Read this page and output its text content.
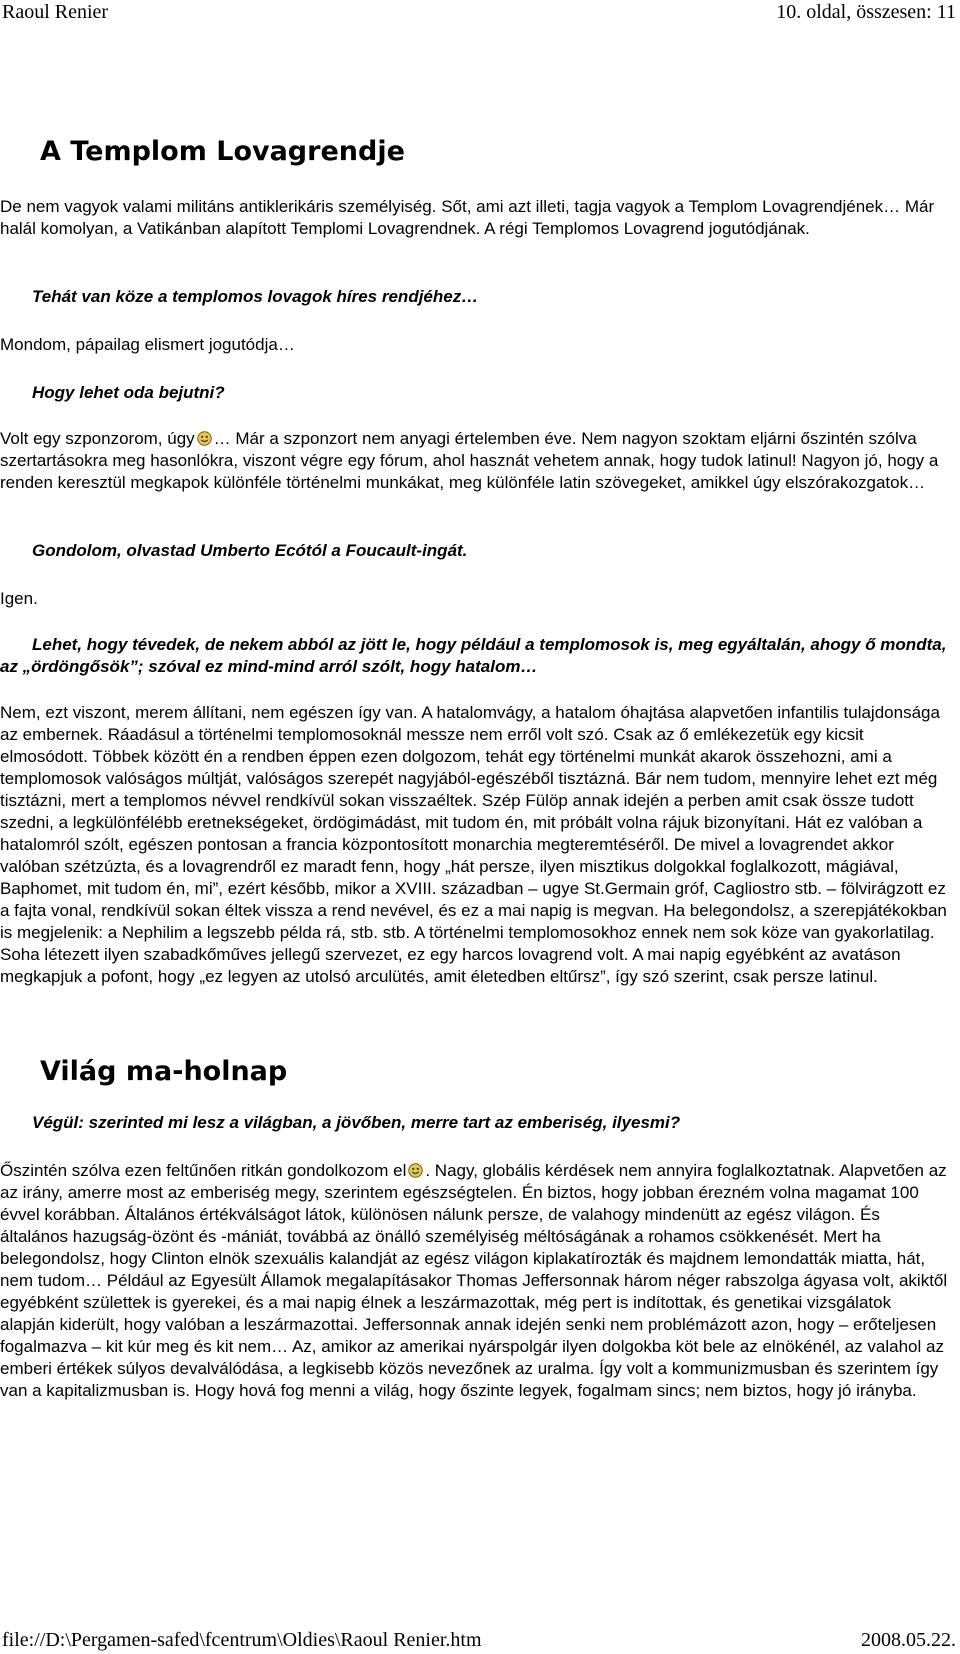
Raoul Renier	10. oldal, összesen: 11
A Templom Lovagrendje

De nem vagyok valami militáns antiklerikáris személyiség. Sőt, ami azt illeti, tagja vagyok a Templom Lovagrendjének… Már halál komolyan, a Vatikánban alapított Templomi Lovagrendnek. A régi Templomos Lovagrend jogutódjának.

Tehát van köze a templomos lovagok híres rendjéhez…

Mondom, pápailag elismert jogutódja…

Hogy lehet oda bejutni?

Volt egy szponzorom, úgy … Már a szponzort nem anyagi értelemben éve. Nem nagyon szoktam eljárni őszintén szólva szertartásokra meg hasonlókra, viszont végre egy fórum, ahol hasznát vehetem annak, hogy tudok latinul! Nagyon jó, hogy a renden keresztül megkapok különféle történelmi munkákat, meg különféle latin szövegeket, amikkel úgy elszórakozgatok…

Gondolom, olvastad Umberto Ecótól a Foucault-ingát.

Igen.

Lehet, hogy tévedek, de nekem abból az jött le, hogy például a templomosok is, meg egyáltalán, ahogy ő mondta, az „ördöngősök”; szóval ez mind-mind arról szólt, hogy hatalom…

Nem, ezt viszont, merem állítani, nem egészen így van. A hatalomvágy, a hatalom óhajtása alapvetően infantilis tulajdonsága az embernek. Ráadásul a történelmi templomosoknál messze nem erről volt szó. Csak az ő emlékezetük egy kicsit elmosódott. Többek között én a rendben éppen ezen dolgozom, tehát egy történelmi munkát akarok összehozni, ami a templomosok valóságos múltját, valóságos szerepét nagyjából-egészéből tisztázná. Bár nem tudom, mennyire lehet ezt még tisztázni, mert a templomos névvel rendkívül sokan visszaéltek. Szép Fülöp annak idején a perben amit csak össze tudott szedni, a legkülönfélébb eretnekségeket, ördögimádást, mit tudom én, mit próbált volna rájuk bizonyítani. Hát ez valóban a hatalomról szólt, egészen pontosan a francia központosított monarchia megteremtéséről. De mivel a lovagrendet akkor valóban szétzúzta, és a lovagrendről ez maradt fenn, hogy „hát persze, ilyen misztikus dolgokkal foglalkozott, mágiával, Baphomet, mit tudom én, mi”, ezért később, mikor a XVIII. században – ugye St.Germain gróf, Cagliostro stb. – fölvirágzott ez a fajta vonal, rendkívül sokan éltek vissza a rend nevével, és ez a mai napig is megvan. Ha belegondolsz, a szerepjátékokban is megjelenik: a Nephilim a legszebb példa rá, stb. stb. A történelmi templomosokhoz ennek nem sok köze van gyakorlatilag. Soha létezett ilyen szabadkőműves jellegű szervezet, ez egy harcos lovagrend volt. A mai napig egyébként az avatáson megkapjuk a pofont, hogy „ez legyen az utolsó arculütés, amit életedben eltűrsz”, így szó szerint, csak persze latinul.

Világ ma-holnap

Végül: szerinted mi lesz a világban, a jövőben, merre tart az emberiség, ilyesmi?

Őszintén szólva ezen feltűnően ritkán gondolkozom el . Nagy, globális kérdések nem annyira foglalkoztatnak. Alapvetően az az irány, amerre most az emberiség megy, szerintem egészségtelen. Én biztos, hogy jobban érezném volna magamat 100 évvel korábban. Általános értékválságot látok, különösen nálunk persze, de valahogy mindenütt az egész világon. És általános hazugság-özönt és -mániát, továbbá az önálló személyiség méltóságának a rohamos csökkenését. Mert ha belegondolsz, hogy Clinton elnök szexuális kalandját az egész világon kiplakatírozták és majdnem lemondatták miatta, hát, nem tudom… Például az Egyesült Államok megalapításakor Thomas Jeffersonnak három néger rabszolga ágyasa volt, akiktől egyébként születtek is gyerekei, és a mai napig élnek a leszármazottak, még pert is indítottak, és genetikai vizsgálatok alapján kiderült, hogy valóban a leszármazottai. Jeffersonnak annak idején senki nem problémázott azon, hogy – erőteljesen fogalmazva – kit kúr meg és kit nem… Az, amikor az amerikai nyárspolgár ilyen dolgokba köt bele az elnökénél, az valahol az emberi értékek súlyos devalválódása, a legkisebb közös nevezőnek az uralma. Így volt a kommunizmusban és szerintem így van a kapitalizmusban is. Hogy hová fog menni a világ, hogy őszinte legyek, fogalmam sincs; nem biztos, hogy jó irányba.

file://D:\Pergamen-safed\fcentrum\Oldies\Raoul Renier.htm	2008.05.22.
